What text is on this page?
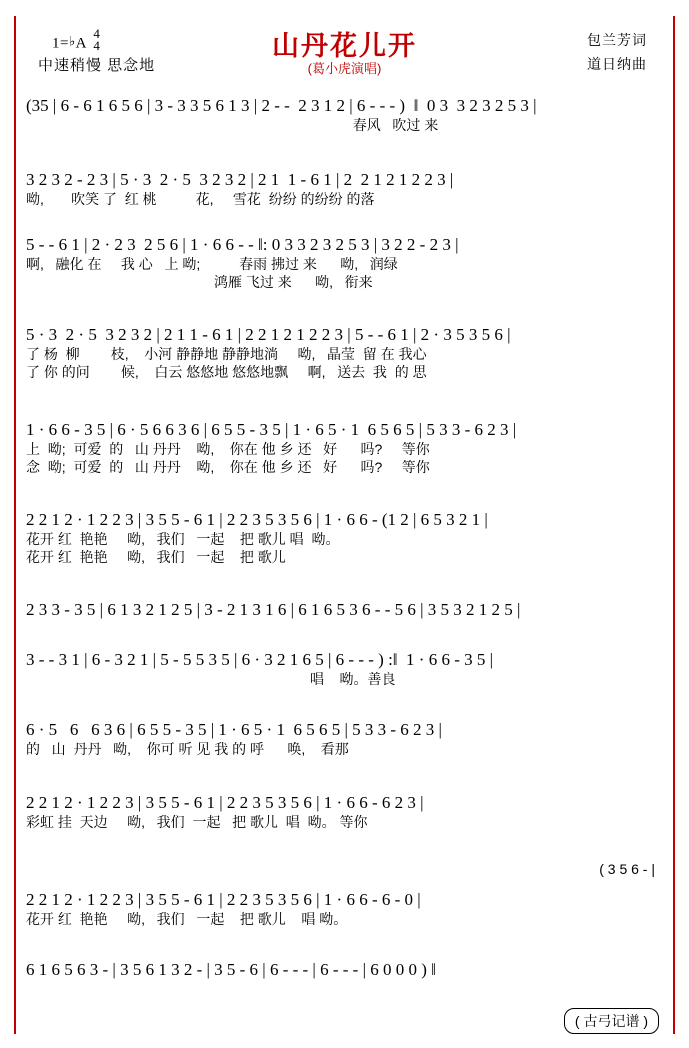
1=♭A
4
4
中速稍慢 思念地
山丹花儿开
(葛小虎演唱)
包兰芳词
道日纳曲
(35 | 6 - 6 1 6 5 6 | 3 - 3 3 5 6 1 3 | 2 - -  2 3 1 2 | 6 - - - )  ‖  0 3  3 2 3 2 5 3 |
春风   吹过 来
3 2 3 2 - 2 3 | 5 · 3  2 · 5  3 2 3 2 | 2 1  1 - 6 1 | 2  2 1 2 1 2 2 3 |
呦,       吹笑 了  红 桃          花,     雪花  纷纷 的纷纷 的落
5 - - 6 1 | 2 · 2 3  2 5 6 | 1 · 6 6 - - ‖: 0 3 3 2 3 2 5 3 | 3 2 2 - 2 3 |
啊,   融化 在     我 心   上 呦;          春雨 拂过 来      呦,   润绿
鸿雁 飞过 来      呦,   衔来
5 · 3  2 · 5  3 2 3 2 | 2 1 1 - 6 1 | 2 2 1 2 1 2 2 3 | 5 - - 6 1 | 2 · 3 5 3 5 6 |
了 杨  柳        枝,    小河 静静地 静静地淌     呦,   晶莹  留 在 我心
了 你 的问        候,    白云 悠悠地 悠悠地飘     啊,   送去  我  的 思
1 · 6 6 - 3 5 | 6 · 5 6 6 3 6 | 6 5 5 - 3 5 | 1 · 6 5 · 1  6 5 6 5 | 5 3 3 - 6 2 3 |
上  呦;  可爱  的   山 丹丹    呦,    你在 他 乡 还   好      吗?     等你
念  呦;  可爱  的   山 丹丹    呦,    你在 他 乡 还   好      吗?     等你
2 2 1 2 · 1 2 2 3 | 3 5 5 - 6 1 | 2 2 3 5 3 5 6 | 1 · 6 6 - (1 2 | 6 5 3 2 1 |
花开 红  艳艳     呦,   我们   一起    把 歌儿 唱  呦。
花开 红  艳艳     呦,   我们   一起    把 歌儿
2 3 3 - 3 5 | 6 1 3 2 1 2 5 | 3 - 2 1 3 1 6 | 6 1 6 5 3 6 - - 5 6 | 3 5 3 2 1 2 5 |
3 - - 3 1 | 6 - 3 2 1 | 5 - 5 5 3 5 | 6 · 3 2 1 6 5 | 6 - - - ) :‖  1 · 6 6 - 3 5 |
唱    呦。善良
6 · 5   6   6 3 6 | 6 5 5 - 3 5 | 1 · 6 5 · 1  6 5 6 5 | 5 3 3 - 6 2 3 |
的   山  丹丹   呦,    你可 听 见 我 的 呼      唤,    看那
2 2 1 2 · 1 2 2 3 | 3 5 5 - 6 1 | 2 2 3 5 3 5 6 | 1 · 6 6 - 6 2 3 |
彩虹 挂  天边     呦,   我们  一起   把 歌儿  唱  呦。 等你
( 3 5 6 - |
2 2 1 2 · 1 2 2 3 | 3 5 5 - 6 1 | 2 2 3 5 3 5 6 | 1 · 6 6 - 6 - 0 |
花开 红  艳艳     呦,   我们   一起    把 歌儿    唱 呦。
6 1 6 5 6 3 - | 3 5 6 1 3 2 - | 3 5 - 6 | 6 - - - | 6 - - - | 6 0 0 0 ) ‖
( 古弓记谱 )
